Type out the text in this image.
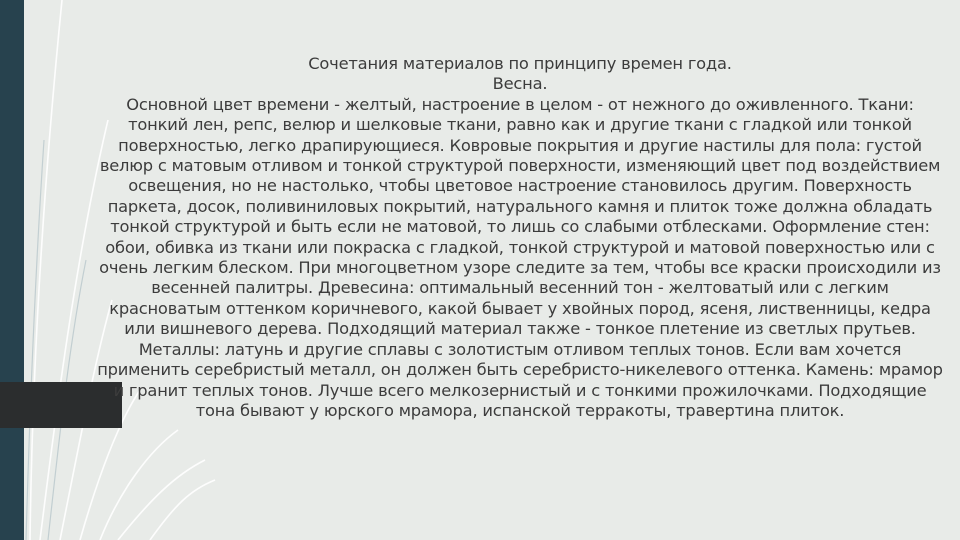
Сочетания материалов по принципу времен года.

Весна.

Основной цвет времени - желтый, настроение в целом - от нежного до оживленного. Ткани: тонкий лен, репс, велюр и шелковые ткани, равно как и другие ткани с гладкой или тонкой поверхностью, легко драпирующиеся. Ковровые покрытия и другие настилы для пола: густой велюр с матовым отливом и тонкой структурой поверхности, изменяющий цвет под воздействием освещения, но не настолько, чтобы цветовое настроение становилось другим. Поверхность паркета, досок, поливиниловых покрытий, натурального камня и плиток тоже должна обладать тонкой структурой и быть если не матовой, то лишь со слабыми отблесками. Оформление стен: обои, обивка из ткани или покраска с гладкой, тонкой структурой и матовой поверхностью или с очень легким блеском. При многоцветном узоре следите за тем, чтобы все краски происходили из весенней палитры. Древесина: оптимальный весенний тон - желтоватый или с легким красноватым оттенком коричневого, какой бывает у хвойных пород, ясеня, лиственницы, кедра или вишневого дерева. Подходящий материал также - тонкое плетение из светлых прутьев. Металлы: латунь и другие сплавы с золотистым отливом теплых тонов. Если вам хочется применить серебристый металл, он должен быть серебристо-никелевого оттенка. Камень: мрамор и гранит теплых тонов. Лучше всего мелкозернистый и с тонкими прожилочками. Подходящие тона бывают у юрского мрамора, испанской терракоты, травертина плиток.
